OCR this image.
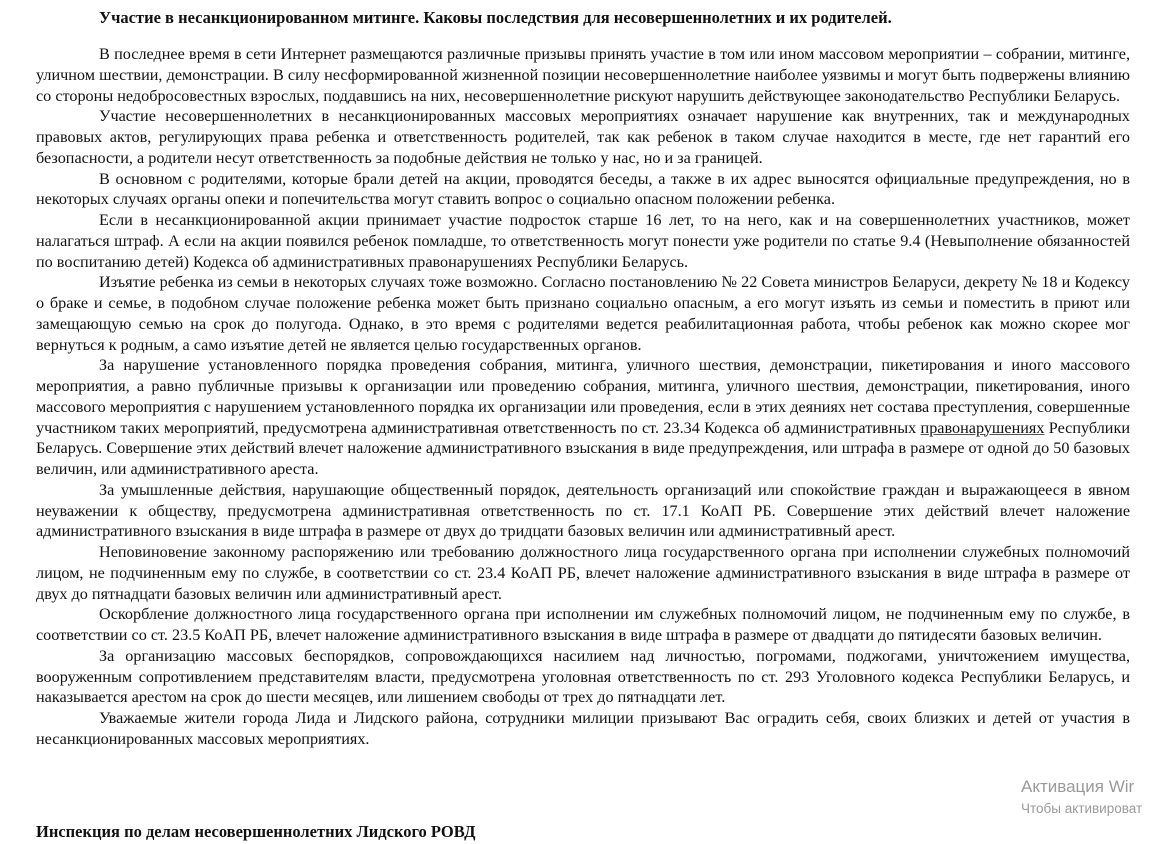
Участие в несанкционированном митинге. Каковы последствия для несовершеннолетних и их родителей.

В последнее время в сети Интернет размещаются различные призывы принять участие в том или ином массовом мероприятии – собрании, митинге, уличном шествии, демонстрации. В силу несформированной жизненной позиции несовершеннолетние наиболее уязвимы и могут быть подвержены влиянию со стороны недобросовестных взрослых, поддавшись на них, несовершеннолетние рискуют нарушить действующее законодательство Республики Беларусь.

Участие несовершеннолетних в несанкционированных массовых мероприятиях означает нарушение как внутренних, так и международных правовых актов, регулирующих права ребенка и ответственность родителей, так как ребенок в таком случае находится в месте, где нет гарантий его безопасности, а родители несут ответственность за подобные действия не только у нас, но и за границей.

В основном с родителями, которые брали детей на акции, проводятся беседы, а также в их адрес выносятся официальные предупреждения, но в некоторых случаях органы опеки и попечительства могут ставить вопрос о социально опасном положении ребенка.

Если в несанкционированной акции принимает участие подросток старше 16 лет, то на него, как и на совершеннолетних участников, может налагаться штраф. А если на акции появился ребенок помладше, то ответственность могут понести уже родители по статье 9.4 (Невыполнение обязанностей по воспитанию детей) Кодекса об административных правонарушениях Республики Беларусь.

Изъятие ребенка из семьи в некоторых случаях тоже возможно. Согласно постановлению № 22 Совета министров Беларуси, декрету № 18 и Кодексу о браке и семье, в подобном случае положение ребенка может быть признано социально опасным, а его могут изъять из семьи и поместить в приют или замещающую семью на срок до полугода. Однако, в это время с родителями ведется реабилитационная работа, чтобы ребенок как можно скорее мог вернуться к родным, а само изъятие детей не является целью государственных органов.

За нарушение установленного порядка проведения собрания, митинга, уличного шествия, демонстрации, пикетирования и иного массового мероприятия, а равно публичные призывы к организации или проведению собрания, митинга, уличного шествия, демонстрации, пикетирования, иного массового мероприятия с нарушением установленного порядка их организации или проведения, если в этих деяниях нет состава преступления, совершенные участником таких мероприятий, предусмотрена административная ответственность по ст. 23.34 Кодекса об административных правонарушениях Республики Беларусь. Совершение этих действий влечет наложение административного взыскания в виде предупреждения, или штрафа в размере от одной до 50 базовых величин, или административного ареста.

За умышленные действия, нарушающие общественный порядок, деятельность организаций или спокойствие граждан и выражающееся в явном неуважении к обществу, предусмотрена административная ответственность по ст. 17.1 КоАП РБ. Совершение этих действий влечет наложение административного взыскания в виде штрафа в размере от двух до тридцати базовых величин или административный арест.

Неповиновение законному распоряжению или требованию должностного лица государственного органа при исполнении служебных полномочий лицом, не подчиненным ему по службе, в соответствии со ст. 23.4 КоАП РБ, влечет наложение административного взыскания в виде штрафа в размере от двух до пятнадцати базовых величин или административный арест.

Оскорбление должностного лица государственного органа при исполнении им служебных полномочий лицом, не подчиненным ему по службе, в соответствии со ст. 23.5 КоАП РБ, влечет наложение административного взыскания в виде штрафа в размере от двадцати до пятидесяти базовых величин.

За организацию массовых беспорядков, сопровождающихся насилием над личностью, погромами, поджогами, уничтожением имущества, вооруженным сопротивлением представителям власти, предусмотрена уголовная ответственность по ст. 293 Уголовного кодекса Республики Беларусь, и наказывается арестом на срок до шести месяцев, или лишением свободы от трех до пятнадцати лет.

Уважаемые жители города Лида и Лидского района, сотрудники милиции призывают Вас оградить себя, своих близких и детей от участия в несанкционированных массовых мероприятиях.

Инспекция по делам несовершеннолетних Лидского РОВД
Активация Wir
Чтобы активироват
